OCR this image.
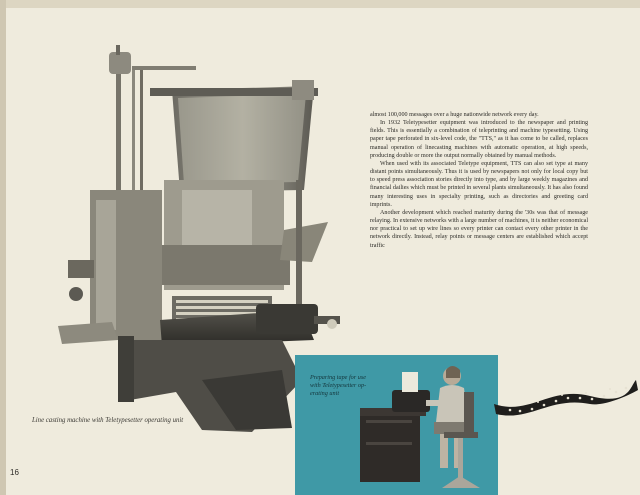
Line casting machine with Teletypesetter operating unit
16

almost 100,000 messages over a huge nationwide network every day.

In 1932 Teletypesetter equipment was introduced to the newspaper and printing fields. This is essentially a combination of teleprinting and machine typesetting. Using paper tape perforated in six-level code, the "TTS," as it has come to be called, replaces manual operation of linecasting machines with automatic operation, at high speeds, producing double or more the output normally obtained by manual methods.

When used with its associated Teletype equipment, TTS can also set type at many distant points simultaneously. Thus it is used by newspapers not only for local copy but to speed press association stories directly into type, and by large weekly magazines and financial dailies which must be printed in several plants simultaneously. It has also found many interesting uses in specialty printing, such as directories and greeting card imprints.

Another development which reached maturity during the '30s was that of message relaying. In extensive networks with a large number of machines, it is neither economical nor practical to set up wire lines so every printer can contact every other printer in the network directly. Instead, relay points or message centers are established which accept traffic

Preparing tape for use
with Teletypesetter op-
erating unit
